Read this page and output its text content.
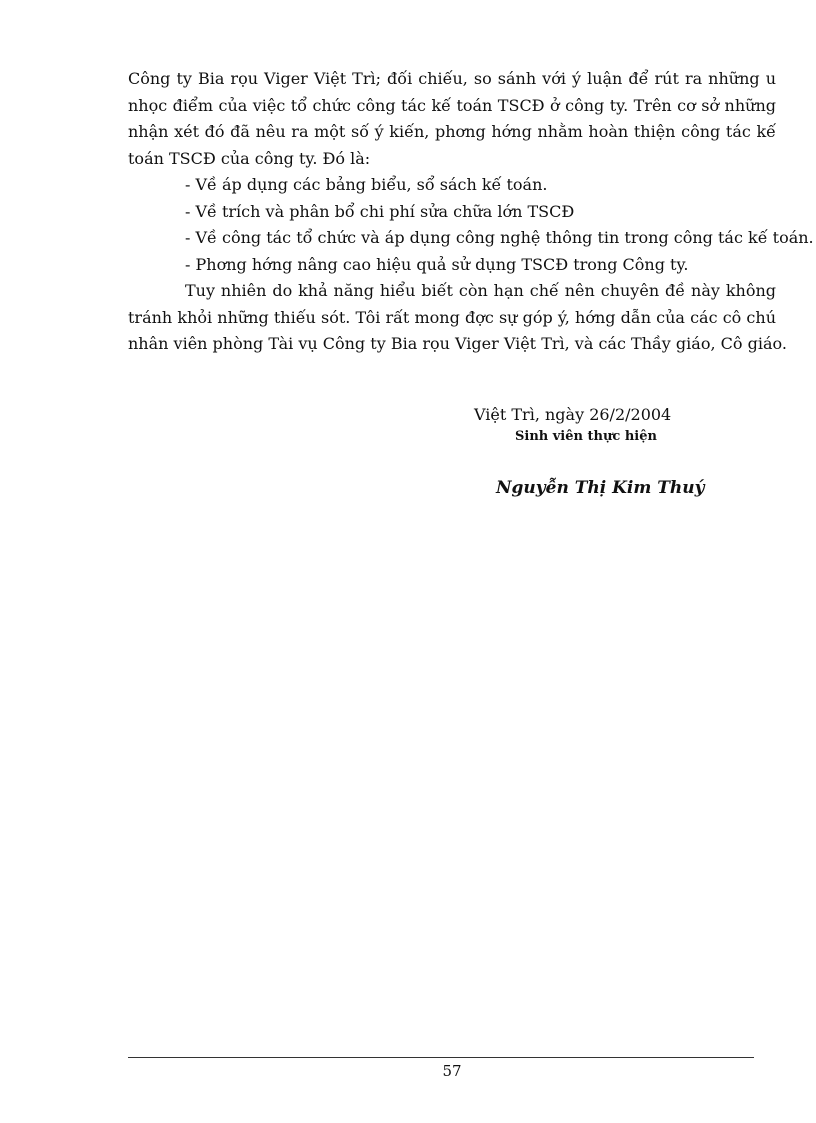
Công ty Bia rọu Viger Việt Trì; đối chiếu, so sánh với ý luận để rút ra những u
nhọc điểm của việc tổ chức công tác kế toán TSCĐ ở công ty. Trên cơ sở những
nhận xét đó đã nêu ra một số ý kiến, phơng hớng nhằm hoàn thiện công tác kế
toán TSCĐ của công ty. Đó là:
- Về áp dụng các bảng biểu, sổ sách kế toán.
- Về trích và phân bổ chi phí sửa chữa lớn TSCĐ
- Về công tác tổ chức và áp dụng công nghệ thông tin trong công tác kế toán.
- Phơng hớng nâng cao hiệu quả sử dụng TSCĐ trong Công ty.
Tuy nhiên do khả năng hiểu biết còn hạn chế nên chuyên đề này không
tránh khỏi những thiếu sót. Tôi rất mong đợc sự góp ý, hớng dẫn của các cô chú
nhân viên phòng Tài vụ Công ty Bia rọu Viger Việt Trì, và các Thầy giáo, Cô giáo.
Việt Trì, ngày 26/2/2004
Sinh viên thực hiện
Nguyễn Thị Kim Thuý
57
